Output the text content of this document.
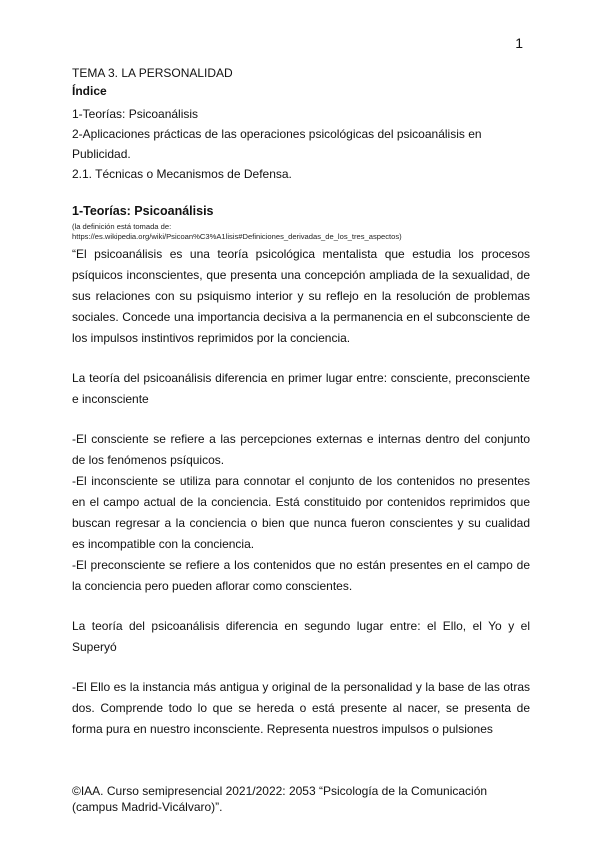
1

TEMA 3. LA PERSONALIDAD

Índice

1-Teorías: Psicoanálisis
2-Aplicaciones prácticas de las operaciones psicológicas del psicoanálisis en Publicidad.
2.1. Técnicas o Mecanismos de Defensa.

1-Teorías: Psicoanálisis

(la definición está tomada de:
https://es.wikipedia.org/wiki/Psicoan%C3%A1lisis#Definiciones_derivadas_de_los_tres_aspectos)

“El psicoanálisis es una teoría psicológica mentalista que estudia los procesos psíquicos inconscientes, que presenta una concepción ampliada de la sexualidad, de sus relaciones con su psiquismo interior y su reflejo en la resolución de problemas sociales. Concede una importancia decisiva a la permanencia en el subconsciente de los impulsos instintivos reprimidos por la conciencia.

La teoría del psicoanálisis diferencia en primer lugar entre: consciente, preconsciente e inconsciente

-El consciente se refiere a las percepciones externas e internas dentro del conjunto de los fenómenos psíquicos.

-El inconsciente se utiliza para connotar el conjunto de los contenidos no presentes en el campo actual de la conciencia. Está constituido por contenidos reprimidos que buscan regresar a la conciencia o bien que nunca fueron conscientes y su cualidad es incompatible con la conciencia.

-El preconsciente se refiere a los contenidos que no están presentes en el campo de la conciencia pero pueden aflorar como conscientes.

La teoría del psicoanálisis diferencia en segundo lugar entre: el Ello, el Yo y el Superyó

-El Ello es la instancia más antigua y original de la personalidad y la base de las otras dos. Comprende todo lo que se hereda o está presente al nacer, se presenta de forma pura en nuestro inconsciente. Representa nuestros impulsos o pulsiones

©IAA. Curso semipresencial 2021/2022: 2053 “Psicología de la Comunicación
(campus Madrid-Vicálvaro)”.
